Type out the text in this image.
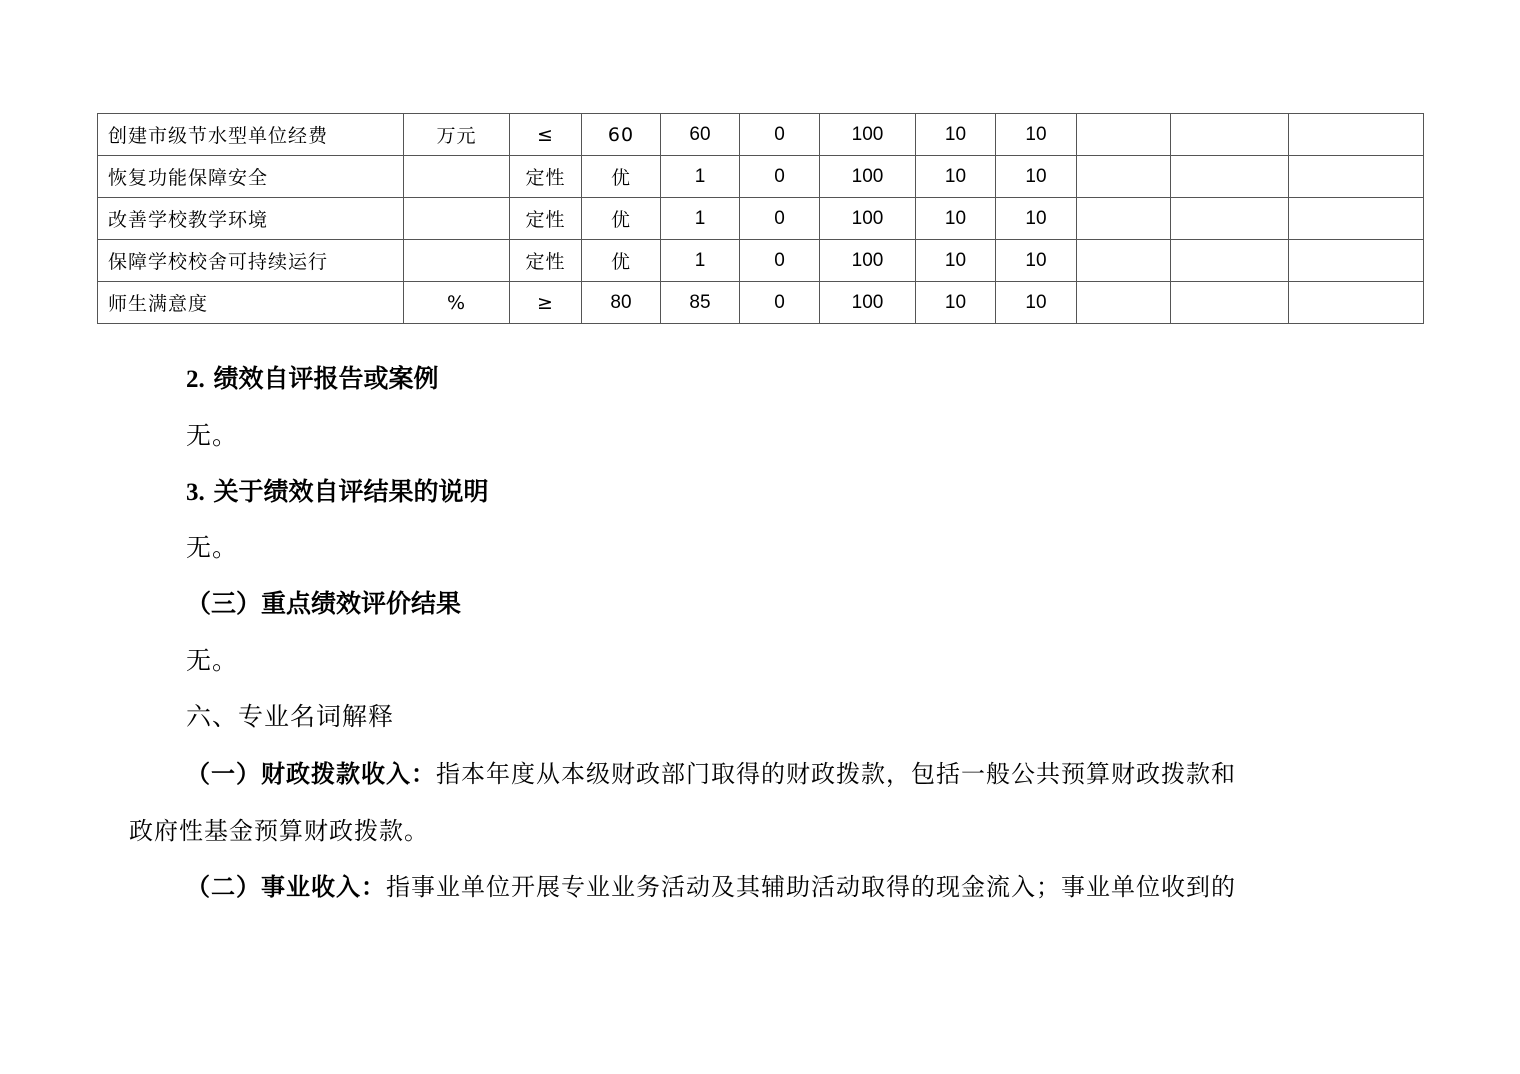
创建市级节水型单位经费	万元	≤	60	60	0	100	10	10			
恢复功能保障安全		定性	优	1	0	100	10	10			
改善学校教学环境		定性	优	1	0	100	10	10			
保障学校校舍可持续运行		定性	优	1	0	100	10	10			
师生满意度	%	≥	80	85	0	100	10	10			
2. 绩效自评报告或案例
无。
3. 关于绩效自评结果的说明
无。
（三）重点绩效评价结果
无。
六、专业名词解释
（一）财政拨款收入：指本年度从本级财政部门取得的财政拨款，包括一般公共预算财政拨款和
政府性基金预算财政拨款。
（二）事业收入：指事业单位开展专业业务活动及其辅助活动取得的现金流入；事业单位收到的
